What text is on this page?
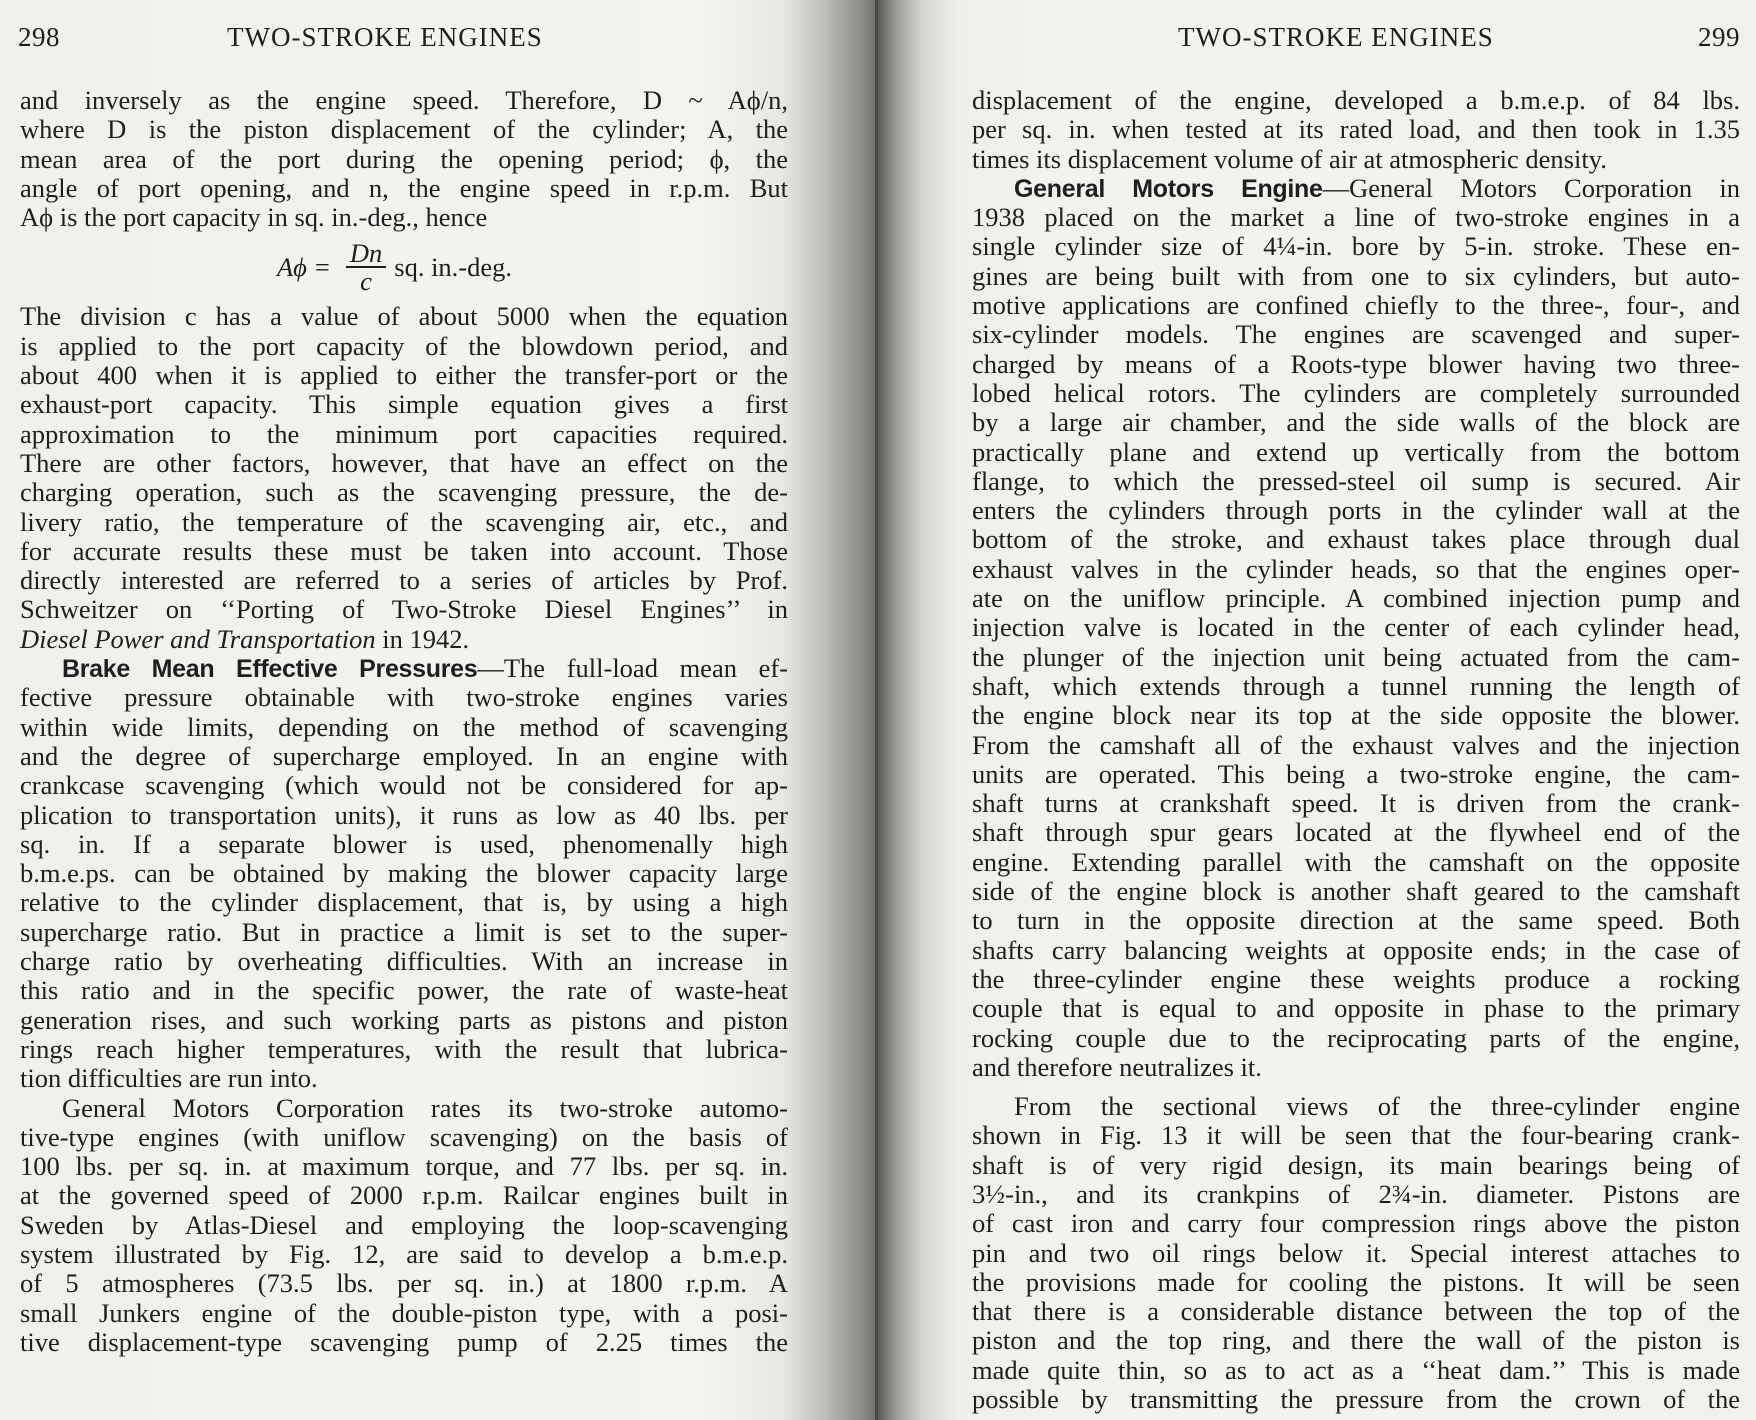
298	TWO-STROKE ENGINES
and inversely as the engine speed. Therefore, D ~ Aϕ/n,
where D is the piston displacement of the cylinder; A, the
mean area of the port during the opening period; ϕ, the
angle of port opening, and n, the engine speed in r.p.m. But
Aϕ is the port capacity in sq. in.-deg., hence
$A\phi = \frac{Dn}{c}$ sq. in.-deg.
The division c has a value of about 5000 when the equation
is applied to the port capacity of the blowdown period, and
about 400 when it is applied to either the transfer-port or the
exhaust-port capacity. This simple equation gives a first
approximation to the minimum port capacities required.
There are other factors, however, that have an effect on the
charging operation, such as the scavenging pressure, the de-
livery ratio, the temperature of the scavenging air, etc., and
for accurate results these must be taken into account. Those
directly interested are referred to a series of articles by Prof.
Schweitzer on ‘‘Porting of Two-Stroke Diesel Engines’’ in
Diesel Power and Transportation in 1942.
Brake Mean Effective Pressures—The full-load mean ef-
fective pressure obtainable with two-stroke engines varies
within wide limits, depending on the method of scavenging
and the degree of supercharge employed. In an engine with
crankcase scavenging (which would not be considered for ap-
plication to transportation units), it runs as low as 40 lbs. per
sq. in. If a separate blower is used, phenomenally high
b.m.e.ps. can be obtained by making the blower capacity large
relative to the cylinder displacement, that is, by using a high
supercharge ratio. But in practice a limit is set to the super-
charge ratio by overheating difficulties. With an increase in
this ratio and in the specific power, the rate of waste-heat
generation rises, and such working parts as pistons and piston
rings reach higher temperatures, with the result that lubrica-
tion difficulties are run into.
General Motors Corporation rates its two-stroke automo-
tive-type engines (with uniflow scavenging) on the basis of
100 lbs. per sq. in. at maximum torque, and 77 lbs. per sq. in.
at the governed speed of 2000 r.p.m. Railcar engines built in
Sweden by Atlas-Diesel and employing the loop-scavenging
system illustrated by Fig. 12, are said to develop a b.m.e.p.
of 5 atmospheres (73.5 lbs. per sq. in.) at 1800 r.p.m. A
small Junkers engine of the double-piston type, with a posi-
tive displacement-type scavenging pump of 2.25 times the
TWO-STROKE ENGINES	299
displacement of the engine, developed a b.m.e.p. of 84 lbs.
per sq. in. when tested at its rated load, and then took in 1.35
times its displacement volume of air at atmospheric density.
General Motors Engine—General Motors Corporation in
1938 placed on the market a line of two-stroke engines in a
single cylinder size of 4¼-in. bore by 5-in. stroke. These en-
gines are being built with from one to six cylinders, but auto-
motive applications are confined chiefly to the three-, four-, and
six-cylinder models. The engines are scavenged and super-
charged by means of a Roots-type blower having two three-
lobed helical rotors. The cylinders are completely surrounded
by a large air chamber, and the side walls of the block are
practically plane and extend up vertically from the bottom
flange, to which the pressed-steel oil sump is secured. Air
enters the cylinders through ports in the cylinder wall at the
bottom of the stroke, and exhaust takes place through dual
exhaust valves in the cylinder heads, so that the engines oper-
ate on the uniflow principle. A combined injection pump and
injection valve is located in the center of each cylinder head,
the plunger of the injection unit being actuated from the cam-
shaft, which extends through a tunnel running the length of
the engine block near its top at the side opposite the blower.
From the camshaft all of the exhaust valves and the injection
units are operated. This being a two-stroke engine, the cam-
shaft turns at crankshaft speed. It is driven from the crank-
shaft through spur gears located at the flywheel end of the
engine. Extending parallel with the camshaft on the opposite
side of the engine block is another shaft geared to the camshaft
to turn in the opposite direction at the same speed. Both
shafts carry balancing weights at opposite ends; in the case of
the three-cylinder engine these weights produce a rocking
couple that is equal to and opposite in phase to the primary
rocking couple due to the reciprocating parts of the engine,
and therefore neutralizes it.
From the sectional views of the three-cylinder engine
shown in Fig. 13 it will be seen that the four-bearing crank-
shaft is of very rigid design, its main bearings being of
3½-in., and its crankpins of 2¾-in. diameter. Pistons are
of cast iron and carry four compression rings above the piston
pin and two oil rings below it. Special interest attaches to
the provisions made for cooling the pistons. It will be seen
that there is a considerable distance between the top of the
piston and the top ring, and there the wall of the piston is
made quite thin, so as to act as a ‘‘heat dam.’’ This is made
possible by transmitting the pressure from the crown of the
